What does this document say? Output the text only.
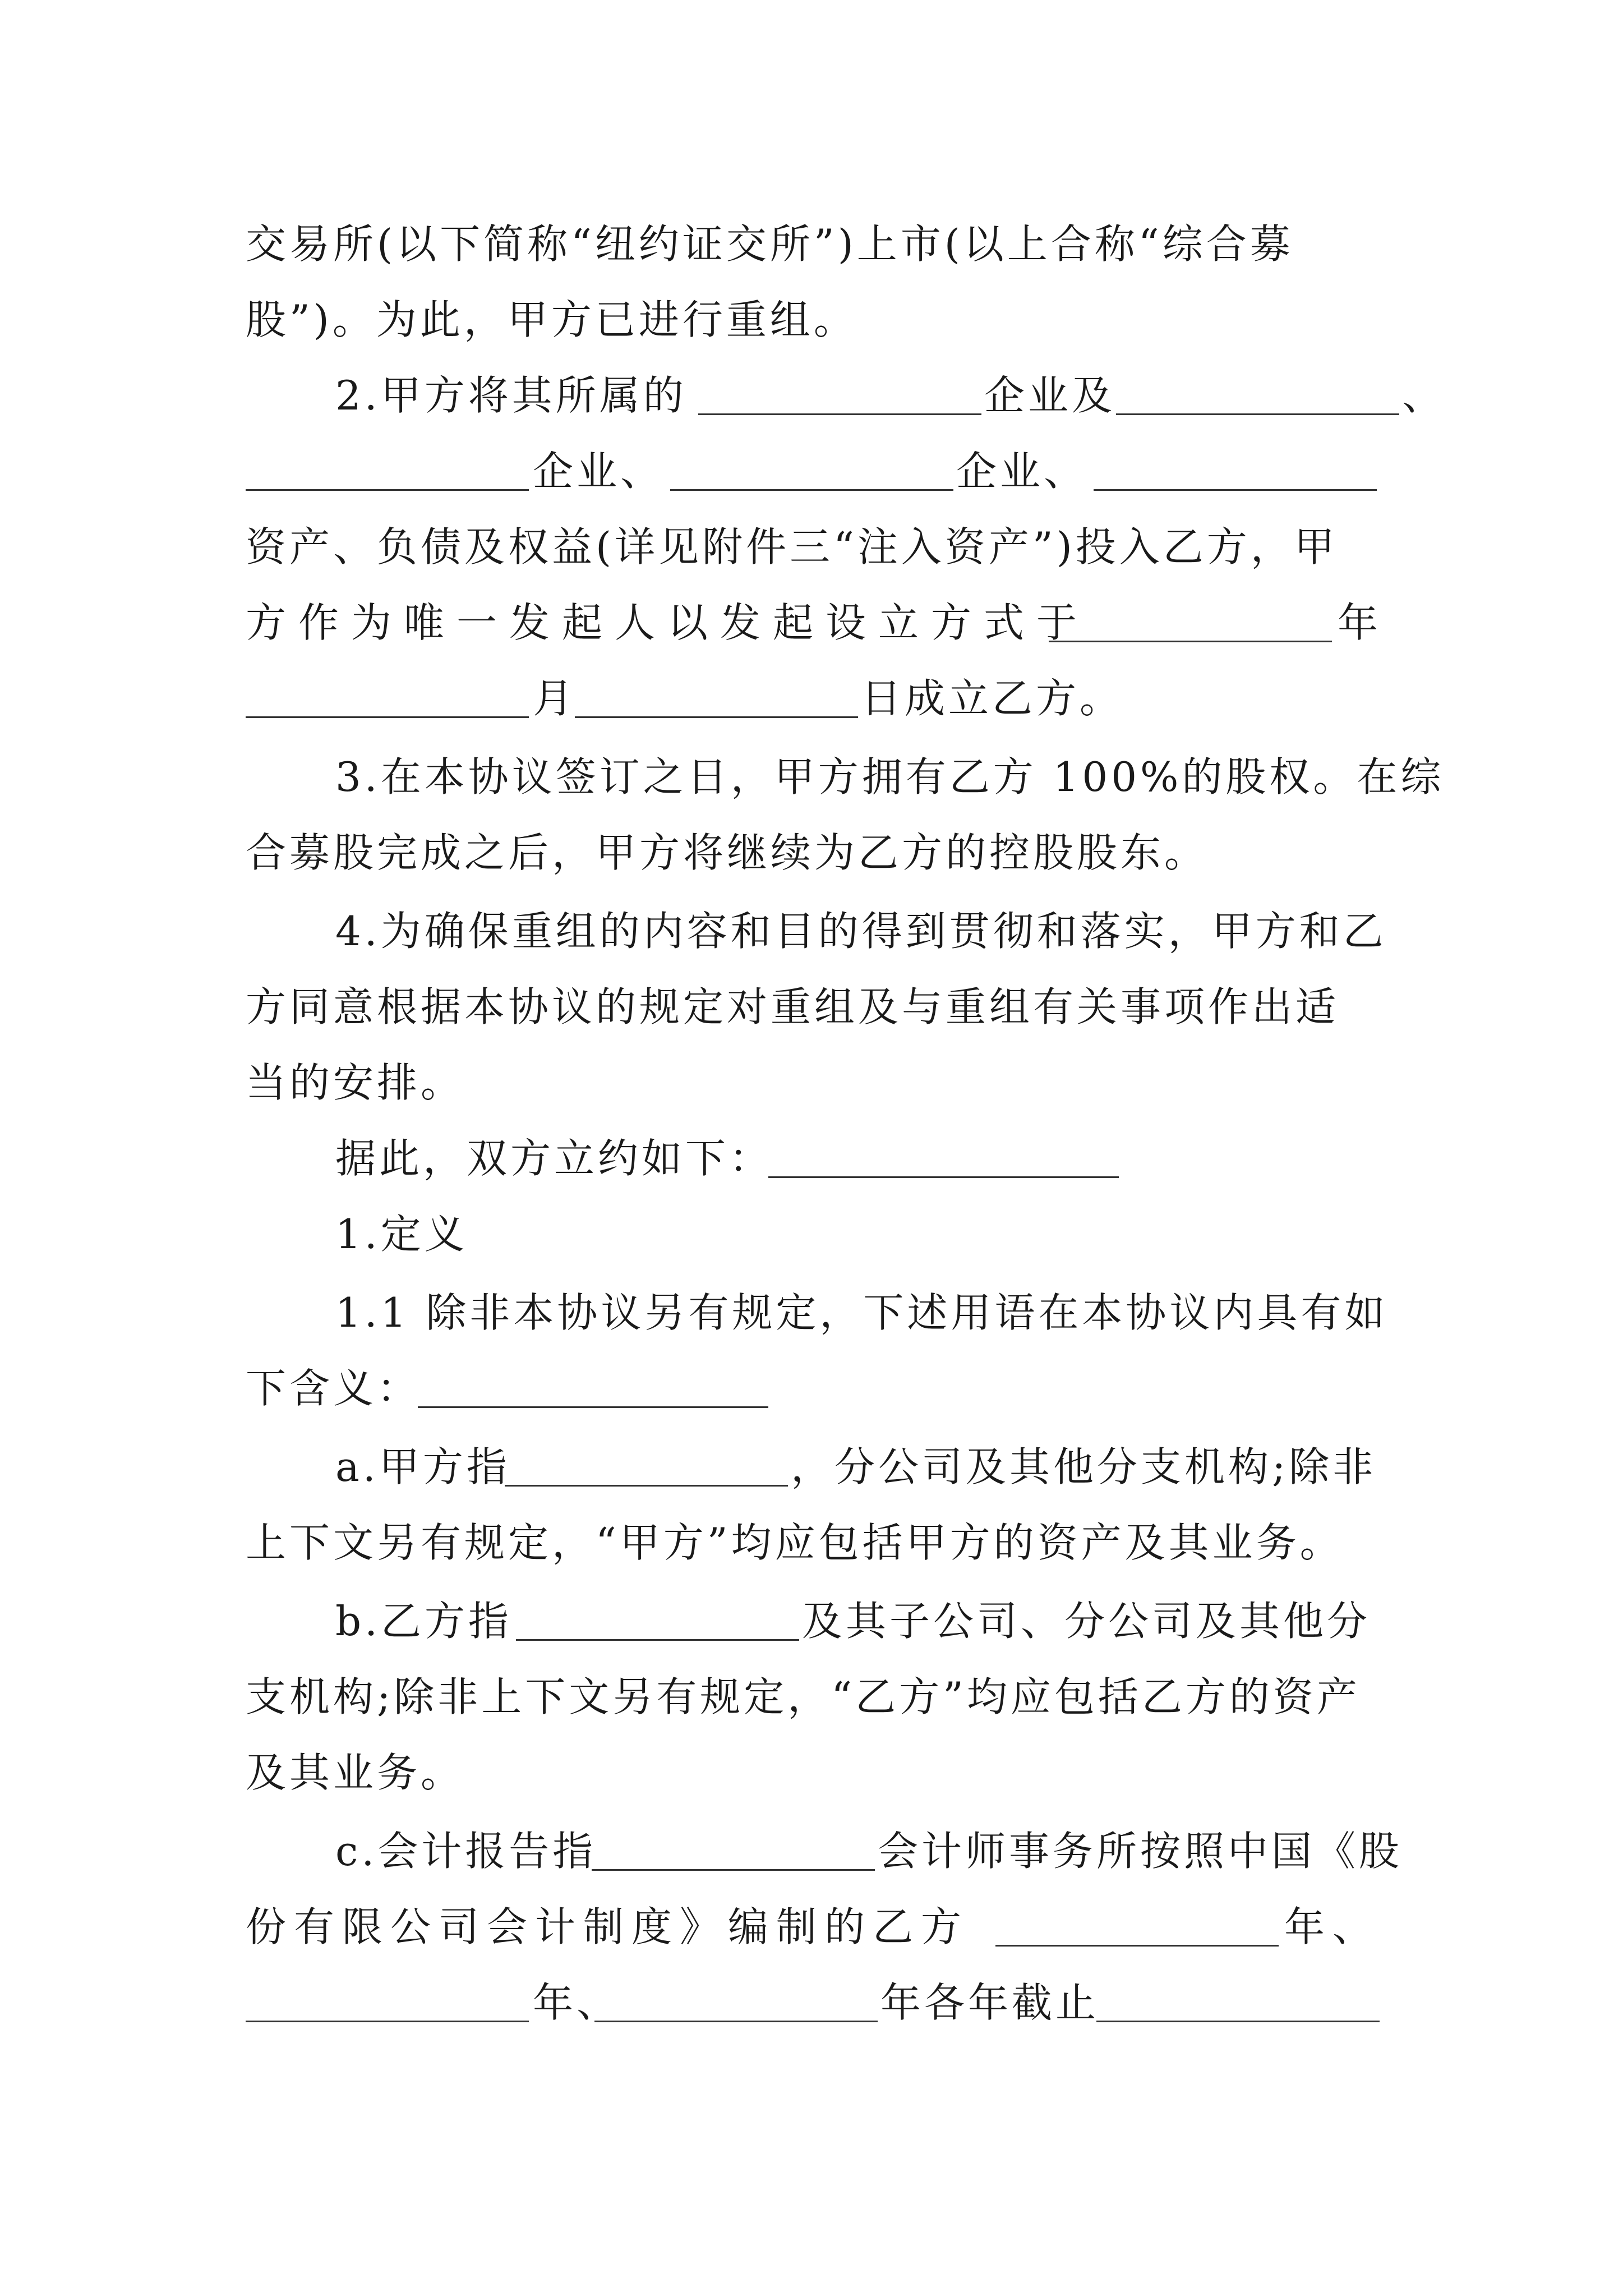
交易所(以下简称“纽约证交所”)上市(以上合称“综合募
股”)。为此，甲方已进行重组。
2.甲方将其所属的	企业及	、
企业、	企业、
资产、负债及权益(详见附件三“注入资产”)投入乙方，甲
方作为唯一发起人以发起设立方式于	年
月	日成立乙方。
3.在本协议签订之日，甲方拥有乙方 100%的股权。在综
合募股完成之后，甲方将继续为乙方的控股股东。
4.为确保重组的内容和目的得到贯彻和落实，甲方和乙
方同意根据本协议的规定对重组及与重组有关事项作出适
当的安排。
据此，双方立约如下：
1.定义
1.1 除非本协议另有规定，下述用语在本协议内具有如
下含义：
a.甲方指	，分公司及其他分支机构;除非
上下文另有规定，“甲方”均应包括甲方的资产及其业务。
b.乙方指	及其子公司、分公司及其他分
支机构;除非上下文另有规定，“乙方”均应包括乙方的资产
及其业务。
c.会计报告指	会计师事务所按照中国《股
份有限公司会计制度》编制的乙方	年、
年、	年各年截止
